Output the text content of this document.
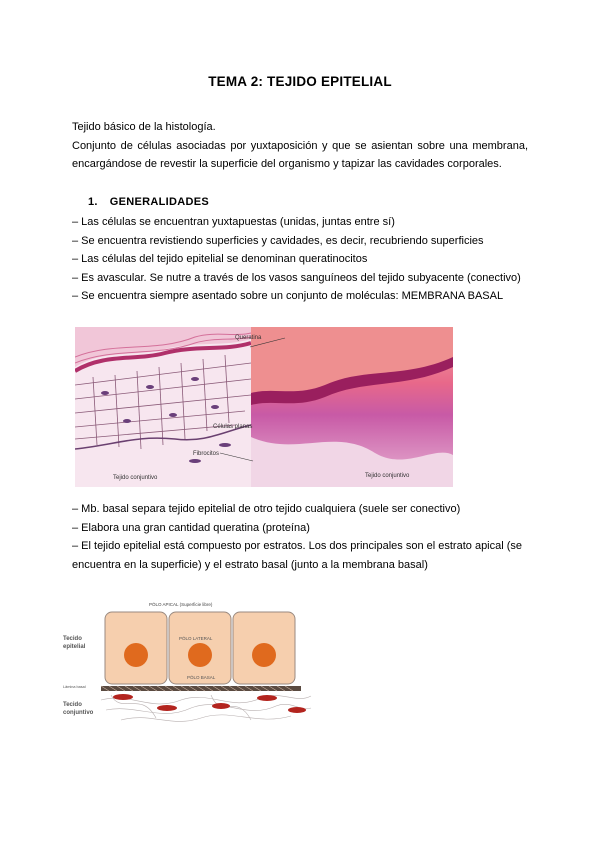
TEMA 2: TEJIDO EPITELIAL

Tejido básico de la histología.

Conjunto de células asociadas por yuxtaposición y que se asientan sobre una membrana, encargándose de revestir la superficie del organismo y tapizar las cavidades corporales.

1. GENERALIDADES
– Las células se encuentran yuxtapuestas (unidas, juntas entre sí)
– Se encuentra revistiendo superficies y cavidades, es decir, recubriendo superficies
– Las células del tejido epitelial se denominan queratinocitos
– Es avascular. Se nutre a través de los vasos sanguíneos del tejido subyacente (conectivo)
– Se encuentra siempre asentado sobre un conjunto de moléculas: MEMBRANA BASAL
Queratina
Células planas
Fibrocitos
Tejido conjuntivo	Tejido conjuntivo
– Mb. basal separa tejido epitelial de otro tejido cualquiera (suele ser conectivo)
– Elabora una gran cantidad queratina (proteína)
– El tejido epitelial está compuesto por estratos. Los dos principales son el estrato apical (se encuentra en la superficie) y el estrato basal (junto a la membrana basal)
PÓLO APICAL (Superficie libre)
PÓLO LATERAL
PÓLO BASAL
Tecido
epitelial
Lâmina basal
Tecido
conjuntivo
